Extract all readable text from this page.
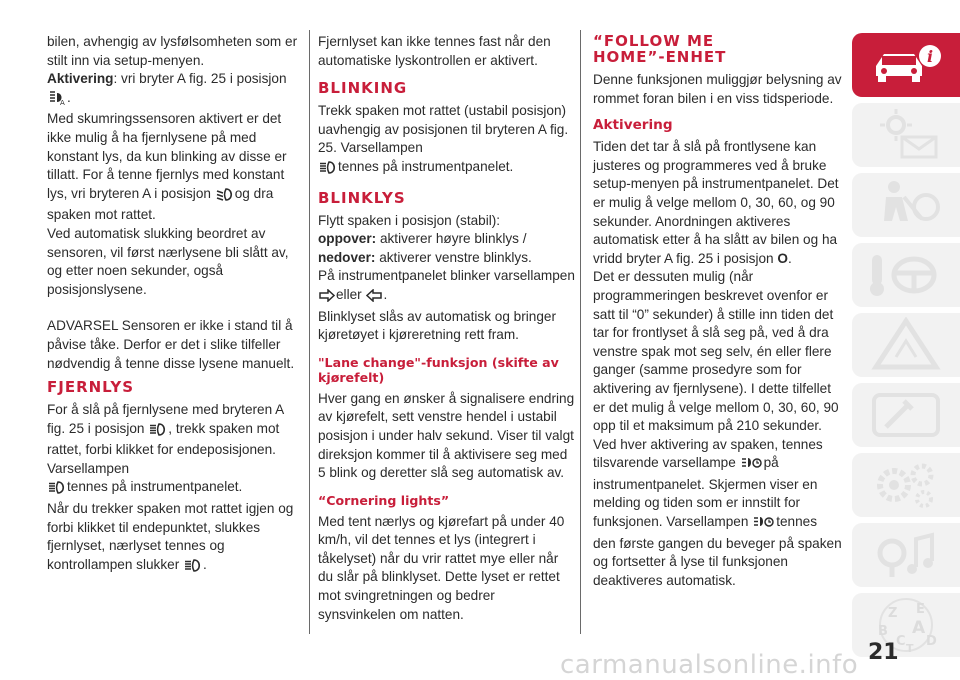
bilen, avhengig av lysfølsomheten som er stilt inn via setup-menyen.

Aktivering: vri bryter A fig. 25 i posisjon
A .

Med skumringssensoren aktivert er det ikke mulig å ha fjernlysene på med konstant lys, da kun blinking av disse er tillatt. For å tenne fjernlys med konstant lys, vri bryteren A i posisjon og dra spaken mot rattet.

Ved automatisk slukking beordret av sensoren, vil først nærlysene bli slått av, og etter noen sekunder, også posisjonslysene.

ADVARSEL Sensoren er ikke i stand til å påvise tåke. Derfor er det i slike tilfeller nødvendig å tenne disse lysene manuelt.

FJERNLYS

For å slå på fjernlysene med bryteren A fig. 25 i posisjon , trekk spaken mot rattet, forbi klikket for endeposisjonen. Varsellampen
tennes på instrumentpanelet.

Når du trekker spaken mot rattet igjen og forbi klikket til endepunktet, slukkes fjernlyset, nærlyset tennes og kontrollampen slukker .

Fjernlyset kan ikke tennes fast når den automatiske lyskontrollen er aktivert.

BLINKING

Trekk spaken mot rattet (ustabil posisjon) uavhengig av posisjonen til bryteren A fig. 25. Varsellampen
tennes på instrumentpanelet.

BLINKLYS

Flytt spaken i posisjon (stabil):

oppover: aktiverer høyre blinklys /

nedover: aktiverer venstre blinklys.

På instrumentpanelet blinker varsellampen eller .

Blinklyset slås av automatisk og bringer kjøretøyet i kjøreretning rett fram.

"Lane change"-funksjon (skifte av kjørefelt)

Hver gang en ønsker å signalisere endring av kjørefelt, sett venstre hendel i ustabil posisjon i under halv sekund. Viser til valgt direksjon kommer til å aktivisere seg med 5 blink og deretter slå seg automatisk av.

“Cornering lights”

Med tent nærlys og kjørefart på under 40 km/h, vil det tennes et lys (integrert i tåkelyset) når du vrir rattet mye eller når du slår på blinklyset. Dette lyset er rettet mot svingretningen og bedrer synsvinkelen om natten.

“FOLLOW ME
HOME”-ENHET

Denne funksjonen muliggjør belysning av rommet foran bilen i en viss tidsperiode.

Aktivering

Tiden det tar å slå på frontlysene kan justeres og programmeres ved å bruke setup-menyen på instrumentpanelet. Det er mulig å velge mellom 0, 30, 60, og 90 sekunder. Anordningen aktiveres automatisk etter å ha slått av bilen og ha vridd bryter A fig. 25 i posisjon O.

Det er dessuten mulig (når programmeringen beskrevet ovenfor er satt til “0” sekunder) å stille inn tiden det tar for frontlyset å slå seg på, ved å dra venstre spak mot seg selv, én eller flere ganger (samme prosedyre som for aktivering av fjernlysene). I dette tilfellet er det mulig å velge mellom 0, 30, 60, 90 opp til et maksimum på 210 sekunder.

Ved hver aktivering av spaken, tennes tilsvarende varsellampe på instrumentpanelet. Skjermen viser en melding og tiden som er innstilt for funksjonen. Varsellampen tennes den første gangen du beveger på spaken og fortsetter å lyse til funksjonen deaktiveres automatisk.

i
Z E
B A
C T D
carmanualsonline.info 21
